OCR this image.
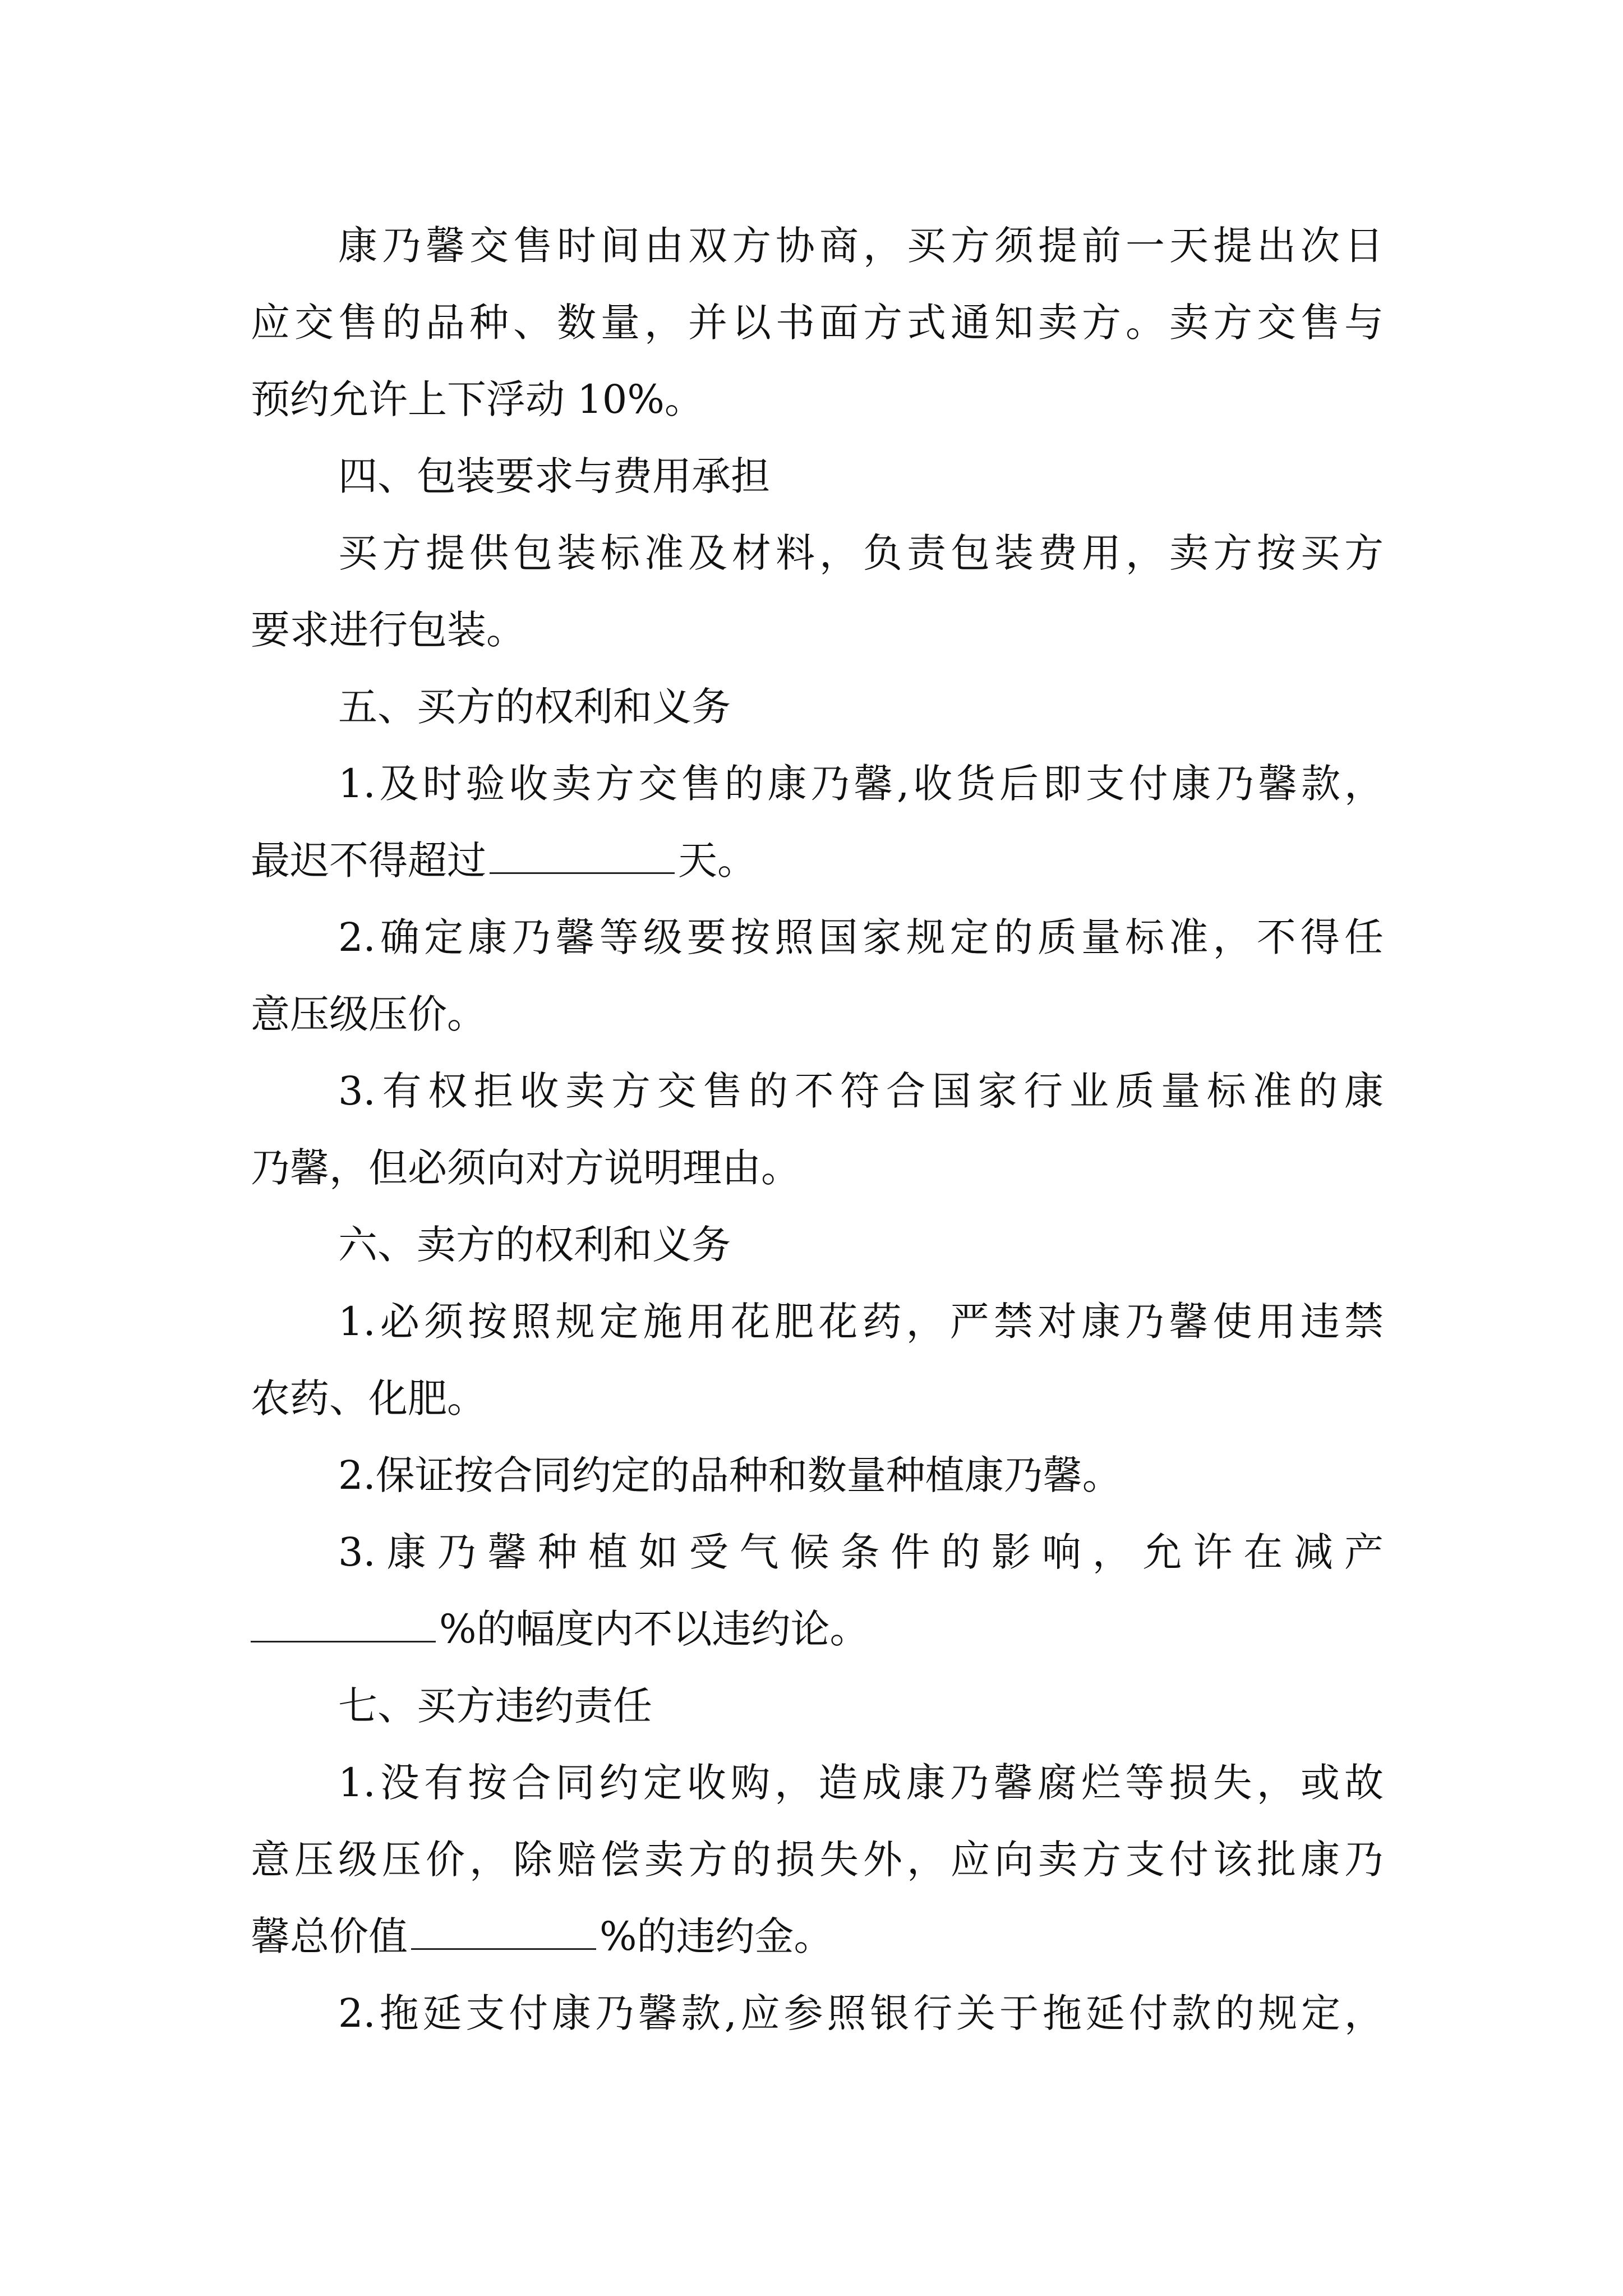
康乃馨交售时间由双方协商，买方须提前一天提出次日
应交售的品种、数量，并以书面方式通知卖方。卖方交售与
预约允许上下浮动 10%。
四、包装要求与费用承担
买方提供包装标准及材料，负责包装费用，卖方按买方
要求进行包装。
五、买方的权利和义务
1.及时验收卖方交售的康乃馨,收货后即支付康乃馨款，
最迟不得超过	天。
2.确定康乃馨等级要按照国家规定的质量标准，不得任
意压级压价。
3.有权拒收卖方交售的不符合国家行业质量标准的康
乃馨，但必须向对方说明理由。
六、卖方的权利和义务
1.必须按照规定施用花肥花药，严禁对康乃馨使用违禁
农药、化肥。
2.保证按合同约定的品种和数量种植康乃馨。
3.康乃馨种植如受气候条件的影响，允许在减产
%的幅度内不以违约论。
七、买方违约责任
1.没有按合同约定收购，造成康乃馨腐烂等损失，或故
意压级压价，除赔偿卖方的损失外，应向卖方支付该批康乃
馨总价值	%的违约金。
2.拖延支付康乃馨款,应参照银行关于拖延付款的规定，
